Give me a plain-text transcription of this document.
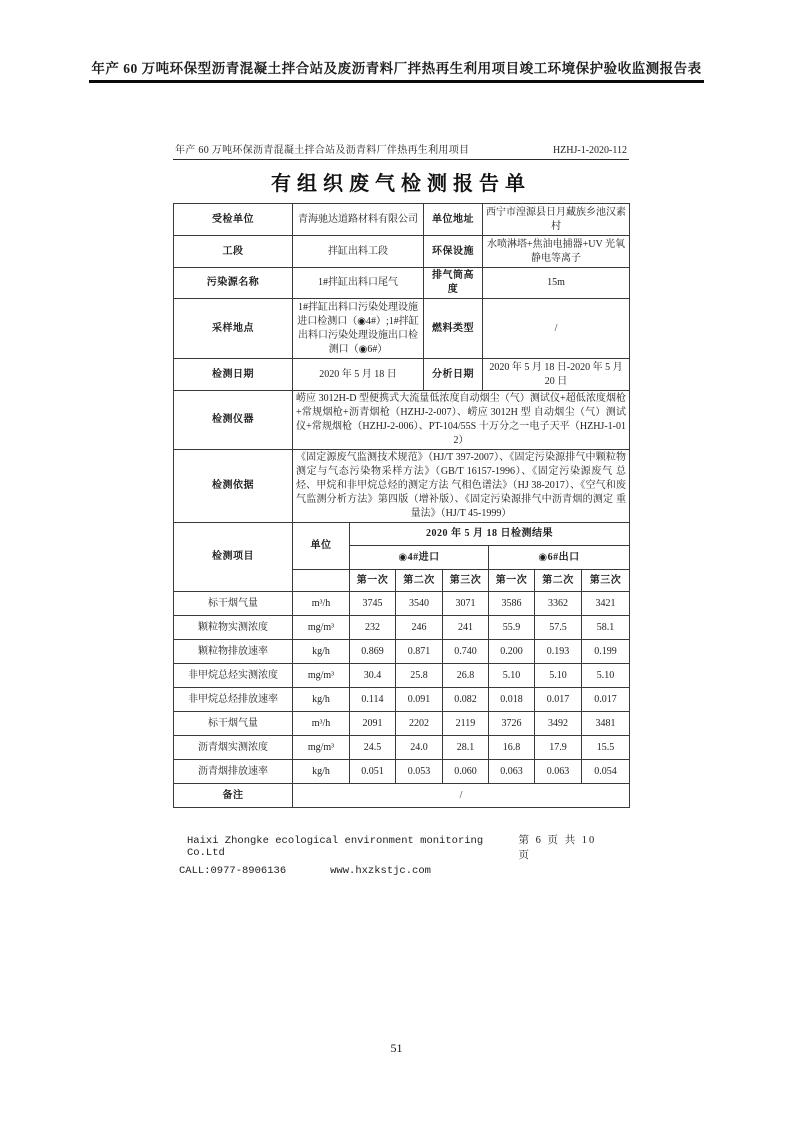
年产 60 万吨环保型沥青混凝土拌合站及废沥青料厂拌热再生利用项目竣工环境保护验收监测报告表
年产 60 万吨环保沥青混凝土拌合站及沥青料厂伴热再生利用项目	HZHJ-1-2020-112
有组织废气检测报告单
受检单位	青海驰达道路材料有限公司	单位地址	西宁市湟源县日月藏族乡池汉素村
工段	拌缸出料工段	环保设施	水喷淋塔+焦油电捕器+UV 光氧静电等离子
污染源名称	1#拌缸出料口尾气	排气筒高度	15m
采样地点	1#拌缸出料口污染处理设施进口检测口（◉4#）;1#拌缸出料口污染处理设施出口检测口（◉6#）	燃料类型	/
检测日期	2020 年 5 月 18 日	分析日期	2020 年 5 月 18 日-2020 年 5 月 20 日
检测仪器	崂应 3012H-D 型便携式大流量低浓度自动烟尘（气）测试仪+超低浓度烟枪+常规烟枪+沥青烟枪（HZHJ-2-007）、崂应 3012H 型 自动烟尘（气）测试仪+常规烟枪（HZHJ-2-006）、PT-104/55S 十万分之一电子天平（HZHJ-1-012）		
检测依据	《固定源废气监测技术规范》（HJ/T 397-2007）、《固定污染源排气中颗粒物测定与气态污染物采样方法》（GB/T 16157-1996）、《固定污染源废气 总烃、甲烷和非甲烷总烃的测定方法 气相色谱法》（HJ 38-2017）、《空气和废气监测分析方法》第四版（增补版）、《固定污染源排气中沥青烟的测定 重量法》（HJ/T 45-1999）		
检测项目	单位	2020 年 5 月 18 日检测结果					
		◉4#进口			◉6#出口		
		第一次	第二次	第三次	第一次	第二次	第三次
标干烟气量	m³/h	3745	3540	3071	3586	3362	3421
颗粒物实测浓度	mg/m³	232	246	241	55.9	57.5	58.1
颗粒物排放速率	kg/h	0.869	0.871	0.740	0.200	0.193	0.199
非甲烷总烃实测浓度	mg/m³	30.4	25.8	26.8	5.10	5.10	5.10
非甲烷总烃排放速率	kg/h	0.114	0.091	0.082	0.018	0.017	0.017
标干烟气量	m³/h	2091	2202	2119	3726	3492	3481
沥青烟实测浓度	mg/m³	24.5	24.0	28.1	16.8	17.9	15.5
沥青烟排放速率	kg/h	0.051	0.053	0.060	0.063	0.063	0.054
备注	/						
Haixi Zhongke ecological environment monitoring Co.Ltd
第 6 页 共 10 页
CALL:0977-8906136	www.hxzkstjc.com
51
